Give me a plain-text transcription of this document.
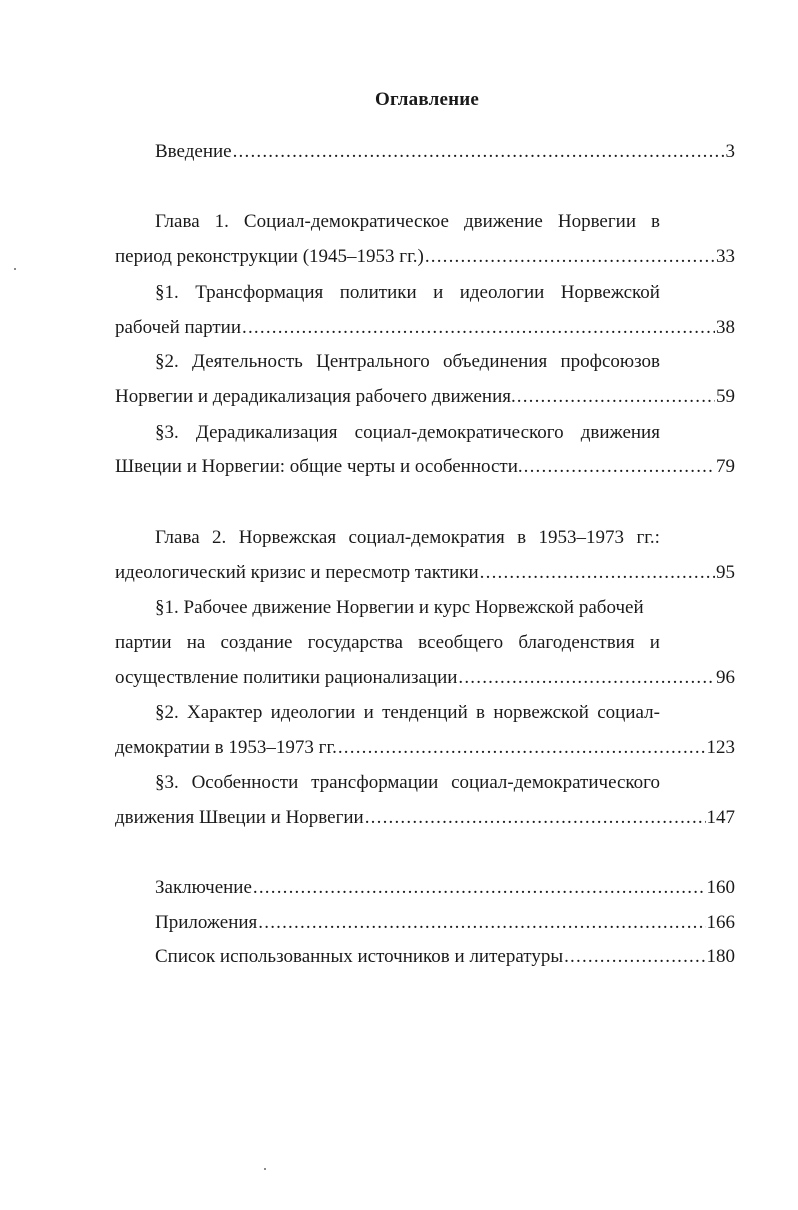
Оглавление
Введение .....	3
Глава 1. Социал-демократическое движение Норвегии в
период реконструкции (1945–1953 гг.) .....	33
§1. Трансформация политики и идеологии Норвежской
рабочей партии .....	38
§2. Деятельность Центрального объединения профсоюзов
Норвегии и дерадикализация рабочего движения. .....	59
§3. Дерадикализация социал-демократического движения
Швеции и Норвегии: общие черты и особенности. .....	79
Глава 2. Норвежская социал-демократия в 1953–1973 гг.:
идеологический кризис и пересмотр тактики .....	95
§1. Рабочее движение Норвегии и курс Норвежской рабочей
партии на создание государства всеобщего благоденствия и
осуществление политики рационализации .....	96
§2. Характер идеологии и тенденций в норвежской социал-
демократии в 1953–1973 гг. .....	123
§3. Особенности трансформации социал-демократического
движения Швеции и Норвегии .....	147
Заключение .....	160
Приложения .....	166
Список использованных источников и литературы .....	180
